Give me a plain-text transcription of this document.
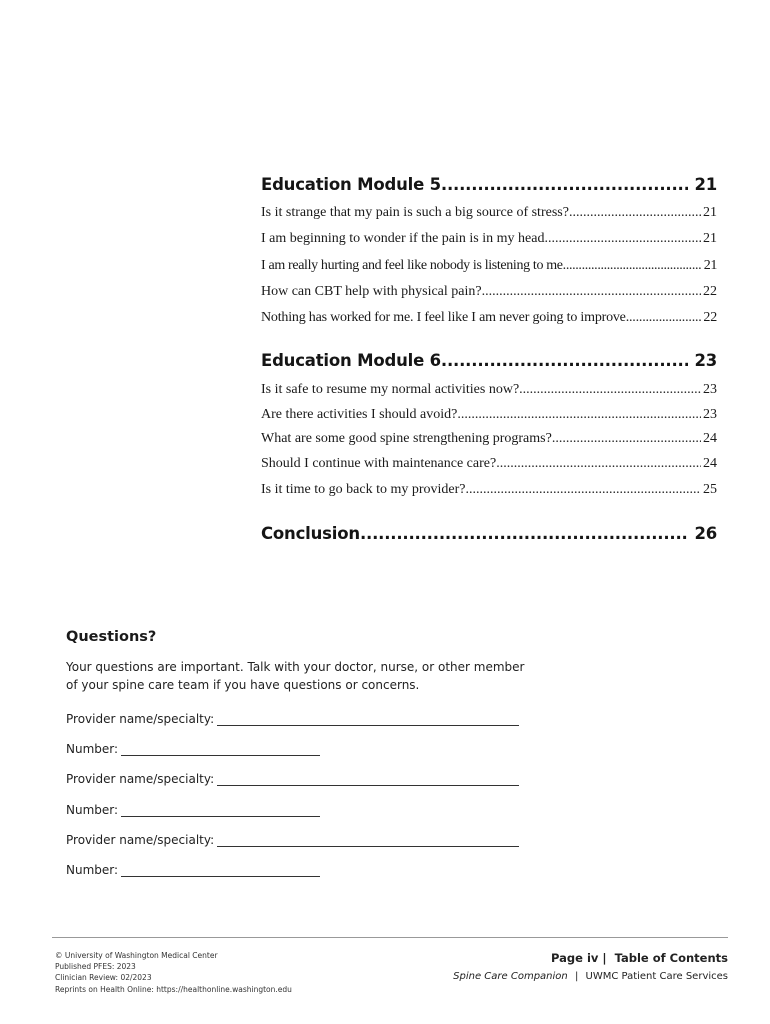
Education Module 5 .....	21
Is it strange that my pain is such a big source of stress? .....	21
I am beginning to wonder if the pain is in my head .....	21
I am really hurting and feel like nobody is listening to me .....	21
How can CBT help with physical pain? .....	22
Nothing has worked for me. I feel like I am never going to improve .....	22
Education Module 6 .....	23
Is it safe to resume my normal activities now? .....	23
Are there activities I should avoid? .....	23
What are some good spine strengthening programs? .....	24
Should I continue with maintenance care? .....	24
Is it time to go back to my provider? .....	25
Conclusion .....	26
Questions?
Your questions are important. Talk with your doctor, nurse, or other member of your spine care team if you have questions or concerns.
Provider name/specialty:
Number:
Provider name/specialty:
Number:
Provider name/specialty:
Number:
© University of Washington Medical Center
Published PFES: 2023
Clinician Review: 02/2023
Reprints on Health Online: https://healthonline.washington.edu
Page iv | Table of Contents
Spine Care Companion | UWMC Patient Care Services
